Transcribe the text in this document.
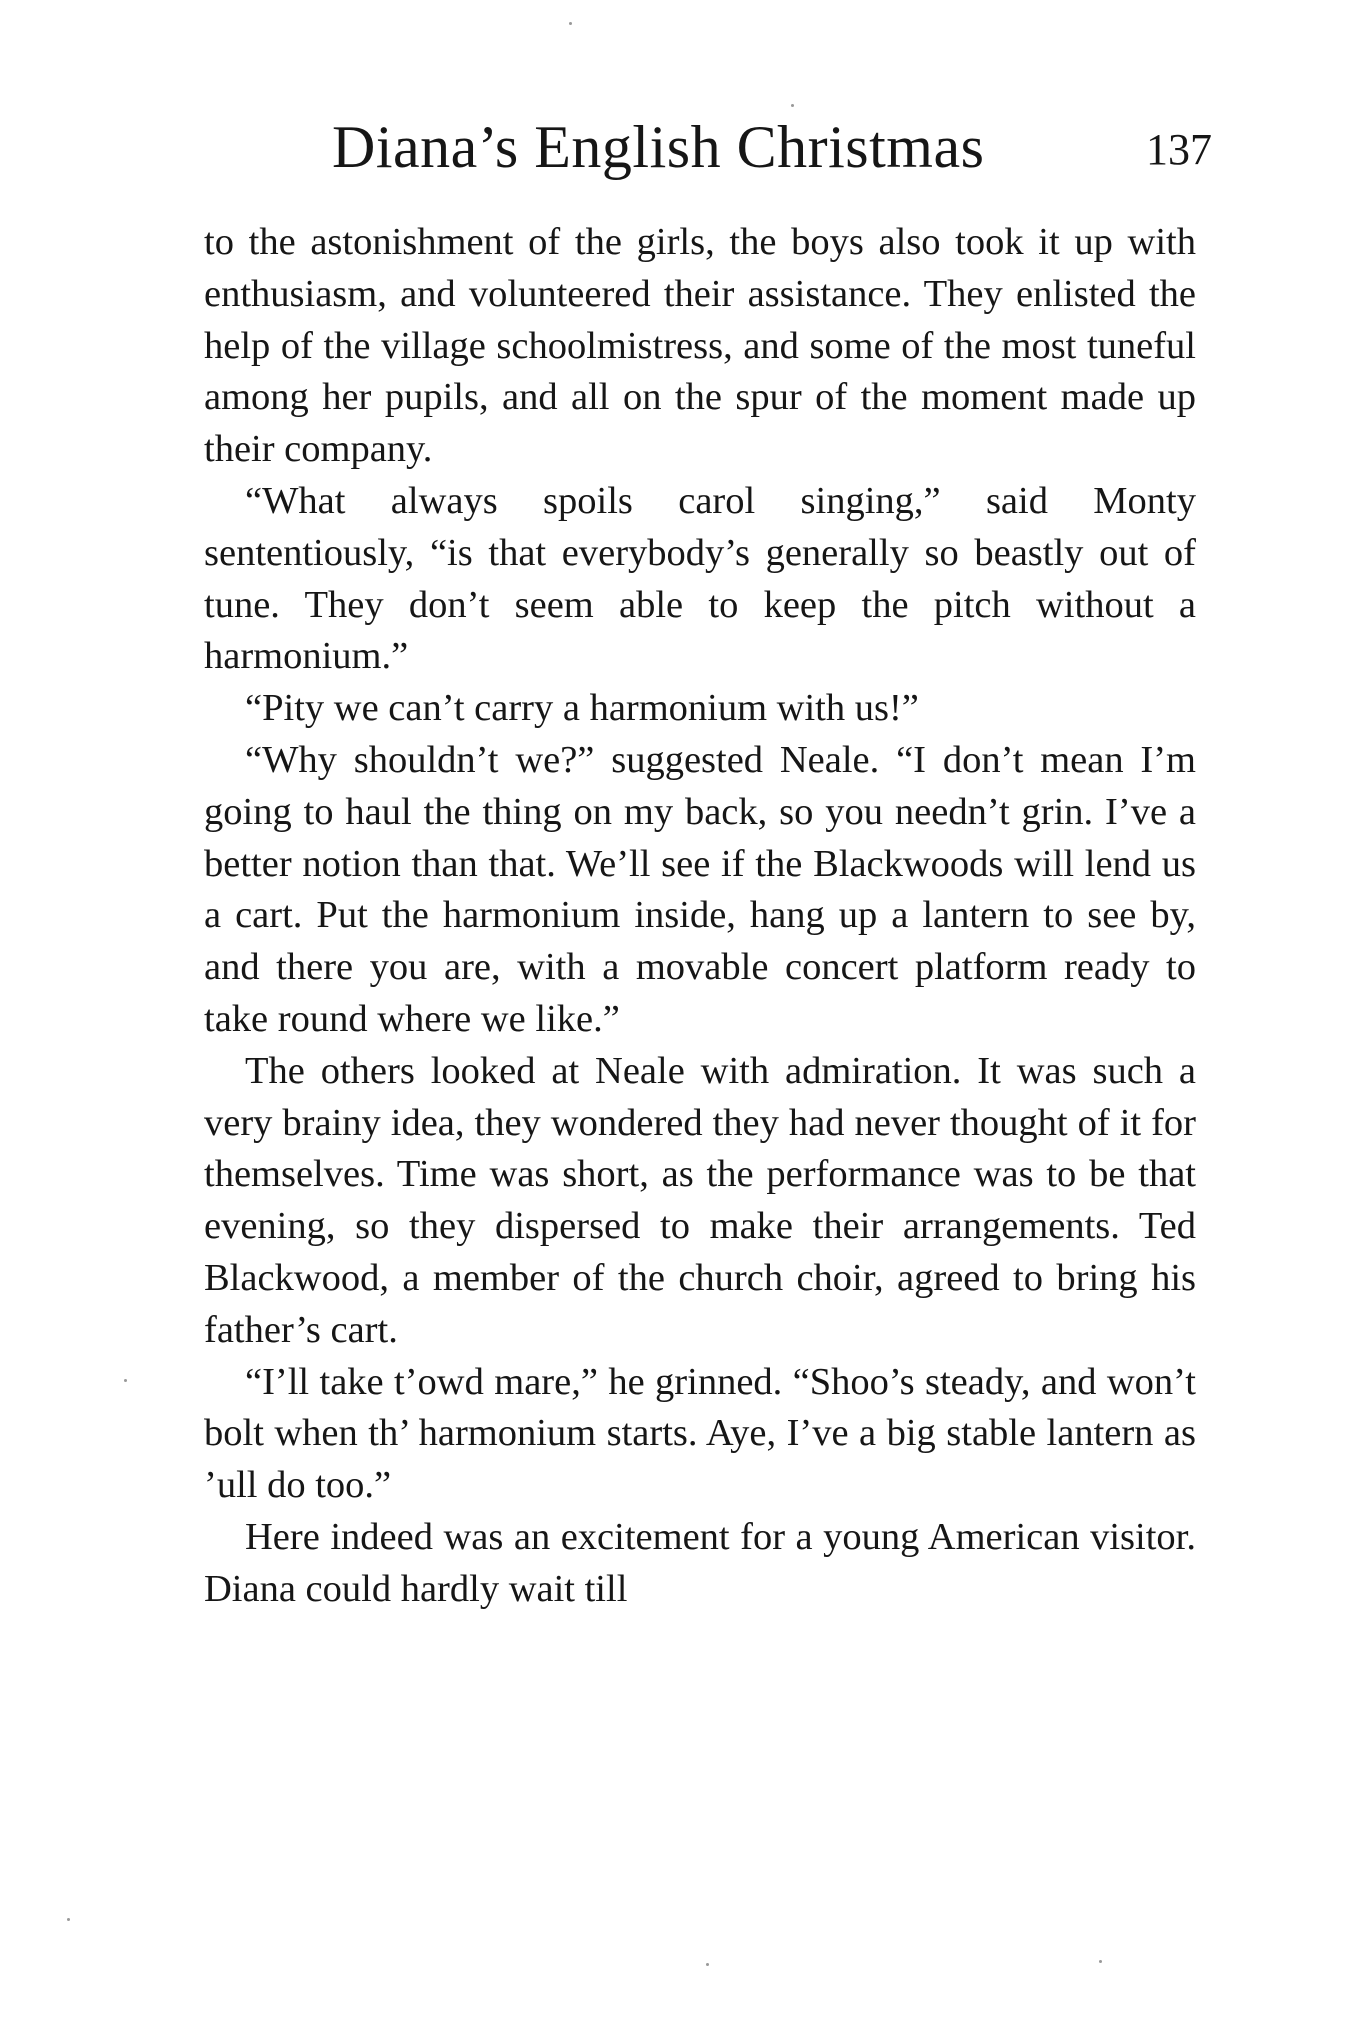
Diana’s English Christmas	137

to the astonishment of the girls, the boys also took it up with enthusiasm, and volunteered their assistance. They enlisted the help of the village schoolmistress, and some of the most tuneful among her pupils, and all on the spur of the moment made up their company.

“What always spoils carol singing,” said Monty sententiously, “is that everybody’s generally so beastly out of tune. They don’t seem able to keep the pitch without a harmonium.”

“Pity we can’t carry a harmonium with us!”

“Why shouldn’t we?” suggested Neale. “I don’t mean I’m going to haul the thing on my back, so you needn’t grin. I’ve a better notion than that. We’ll see if the Blackwoods will lend us a cart. Put the harmonium inside, hang up a lantern to see by, and there you are, with a movable concert platform ready to take round where we like.”

The others looked at Neale with admiration. It was such a very brainy idea, they wondered they had never thought of it for themselves. Time was short, as the performance was to be that evening, so they dispersed to make their arrangements. Ted Blackwood, a member of the church choir, agreed to bring his father’s cart.

“I’ll take t’owd mare,” he grinned. “Shoo’s steady, and won’t bolt when th’ harmonium starts. Aye, I’ve a big stable lantern as ’ull do too.”

Here indeed was an excitement for a young American visitor. Diana could hardly wait till
